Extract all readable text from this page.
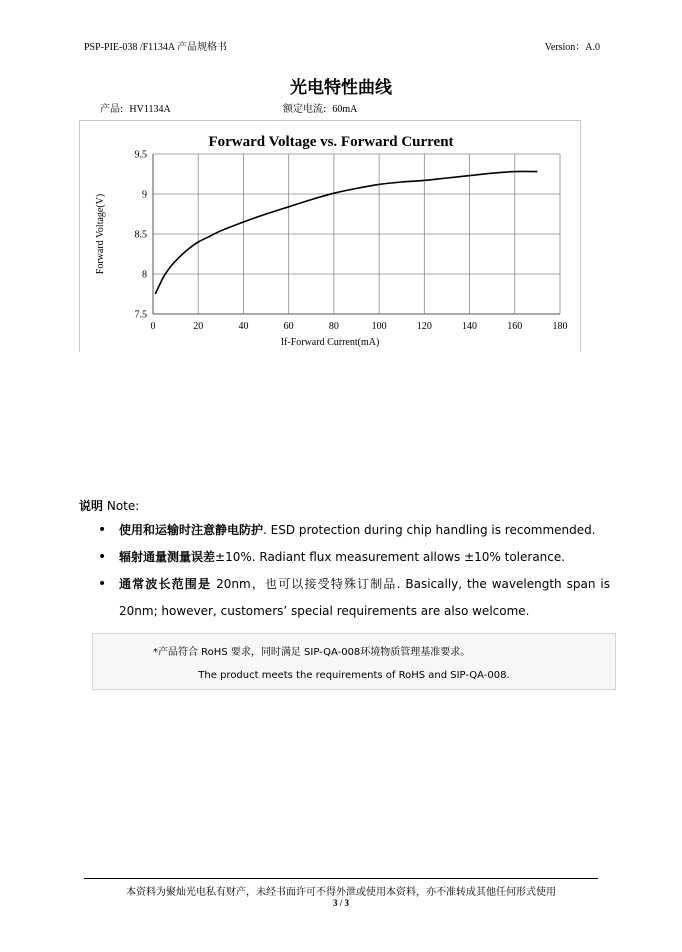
PSP-PIE-038 /F1134A 产品规格书	Version：A.0
光电特性曲线
产品: HV1134A	额定电流: 60mA
Forward Voltage vs. Forward Current
7.5
8
8.5
9
9.5
0	20	40	60	80	100	120	140	160	180
If-Forward Current(mA)
Forward Voltage(V)
说明 Note:
• 使用和运输时注意静电防护. ESD protection during chip handling is recommended.
• 辐射通量测量误差±10%. Radiant flux measurement allows ±10% tolerance.
• 通常波长范围是 20nm，也可以接受特殊订制品. Basically, the wavelength span is 20nm; however, customers’ special requirements are also welcome.
*产品符合 RoHS 要求，同时满足 SIP-QA-008环境物质管理基准要求。
The product meets the requirements of RoHS and SIP-QA-008.
本资料为聚灿光电私有财产，未经书面许可不得外泄或使用本资料，亦不准转成其他任何形式使用
3 / 3
